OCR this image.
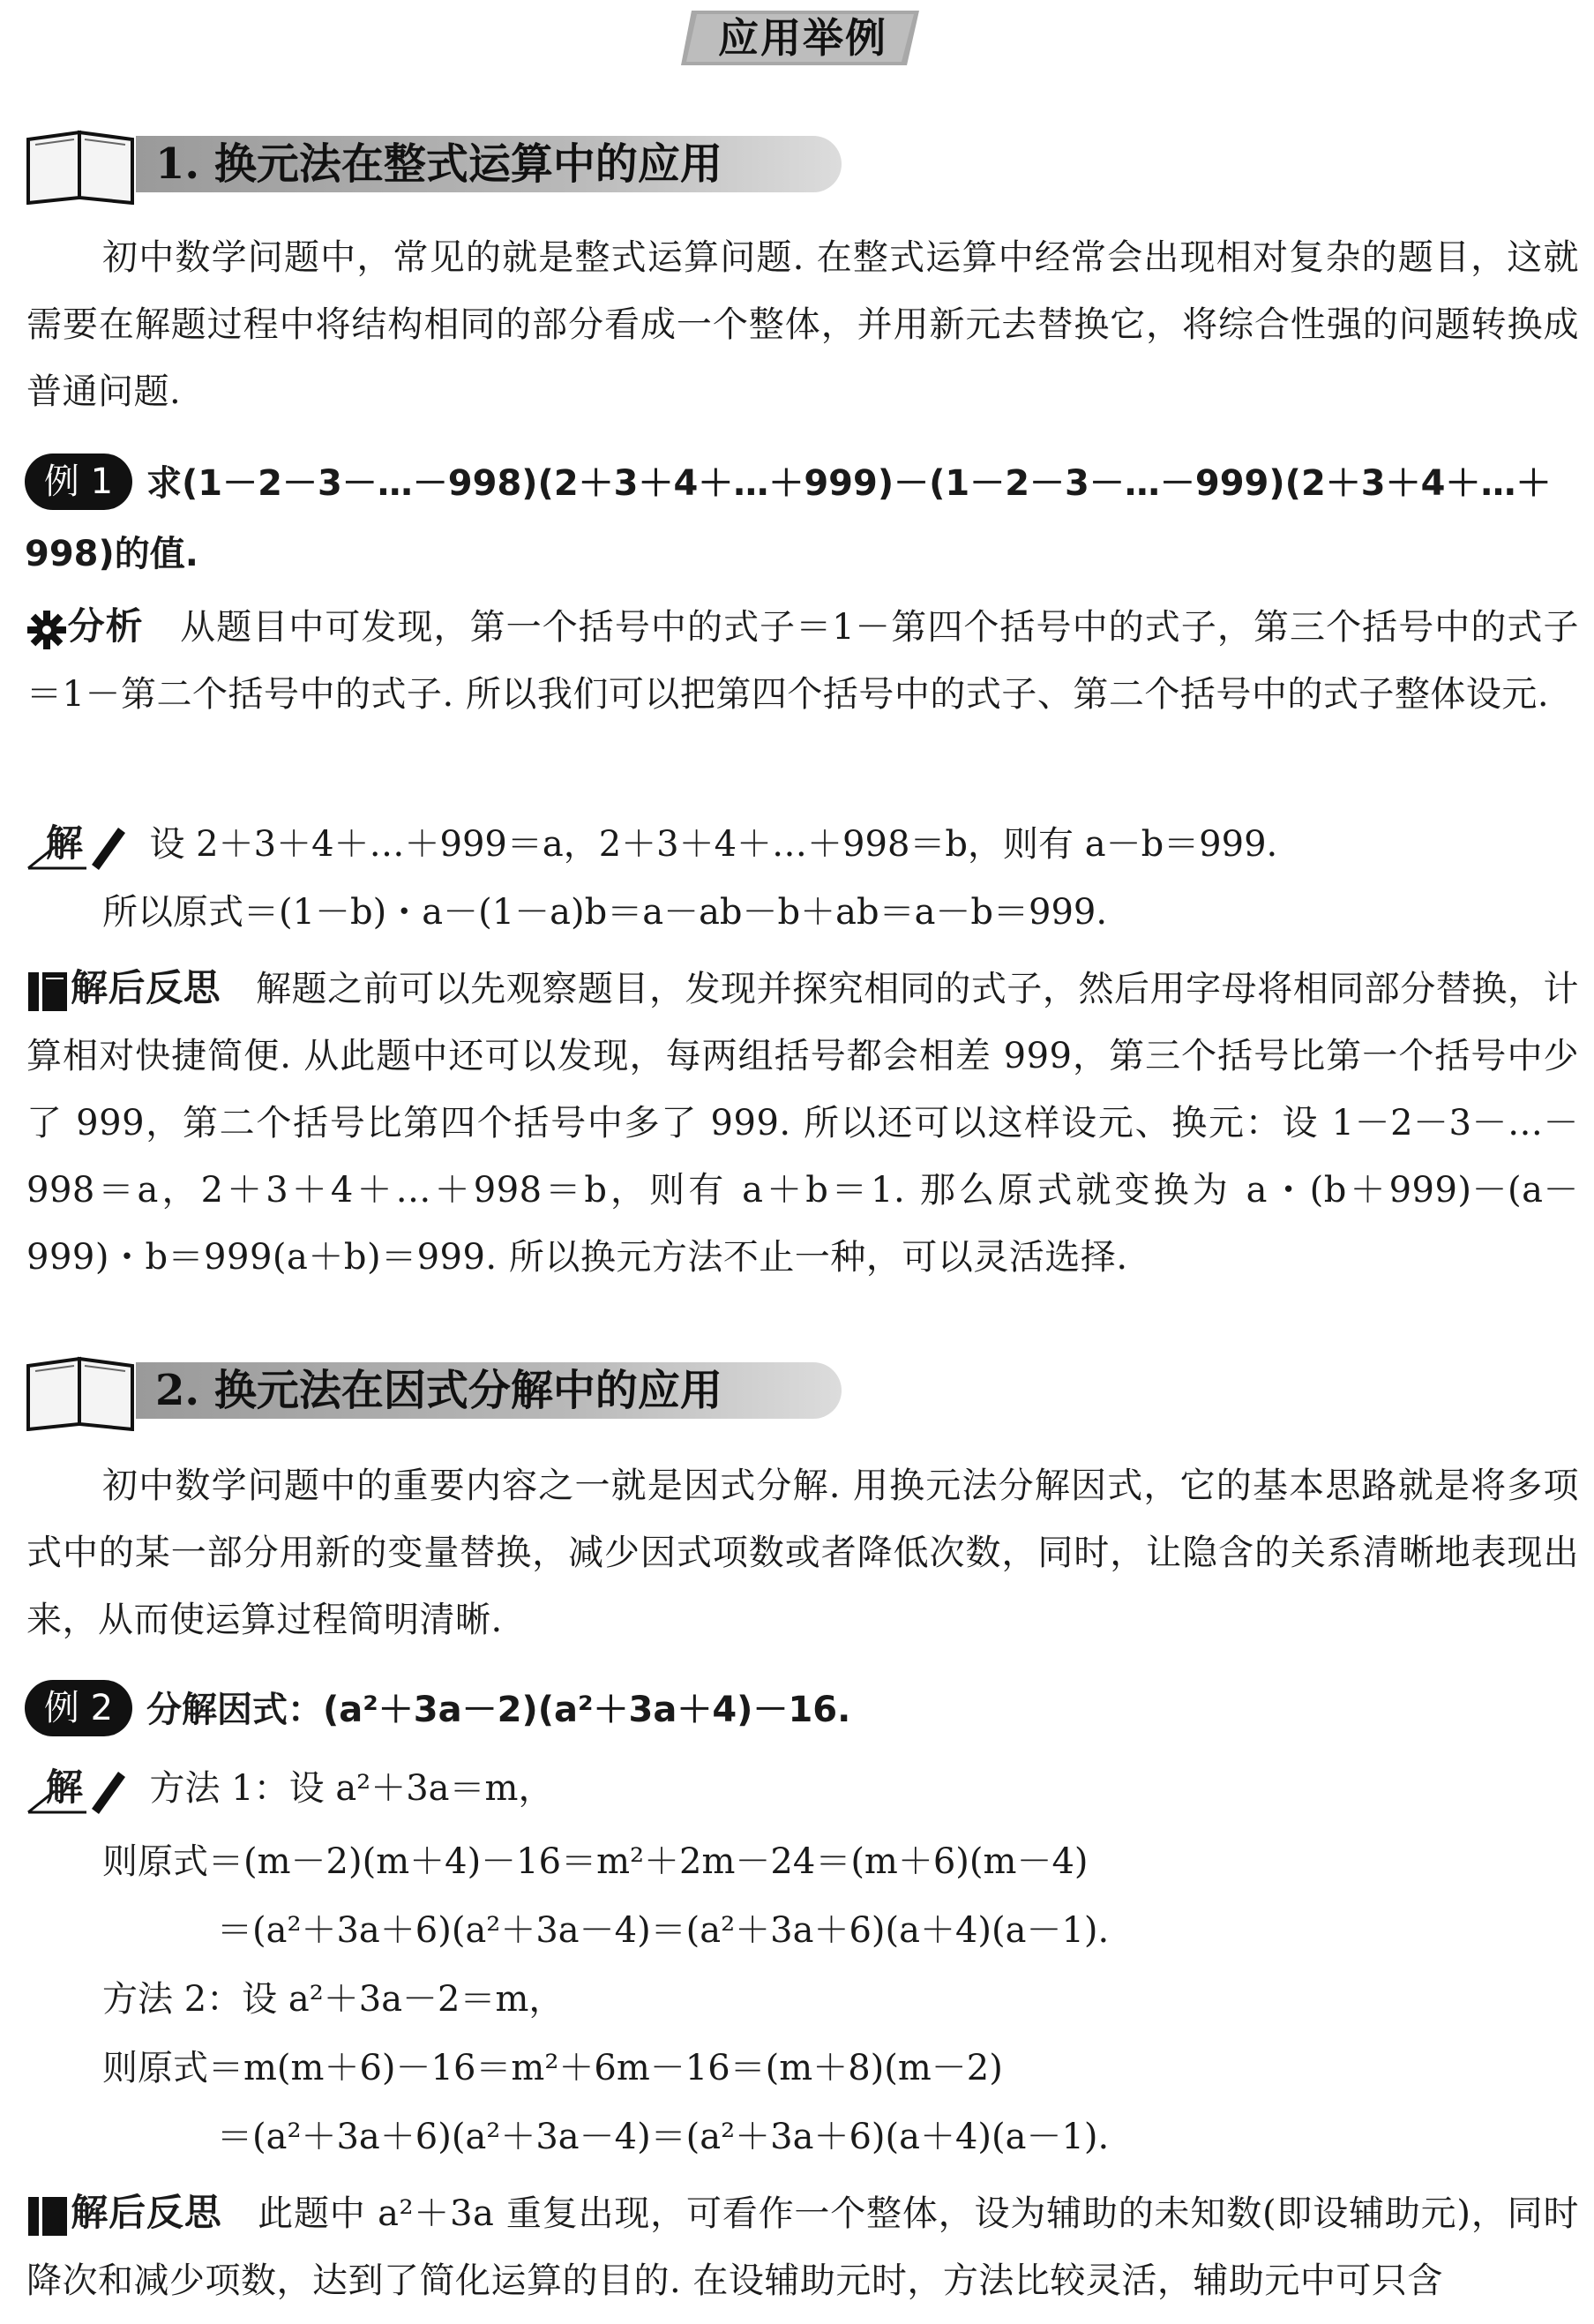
应用举例
1. 换元法在整式运算中的应用
初中数学问题中，常见的就是整式运算问题. 在整式运算中经常会出现相对复杂的题目，这就需要在解题过程中将结构相同的部分看成一个整体，并用新元去替换它，将综合性强的问题转换成普通问题.
例 1 求(1－2－3－…－998)(2＋3＋4＋…＋999)－(1－2－3－…－999)(2＋3＋4＋…＋
998)的值.
分析 从题目中可发现，第一个括号中的式子＝1－第四个括号中的式子，第三个括号中的式子＝1－第二个括号中的式子. 所以我们可以把第四个括号中的式子、第二个括号中的式子整体设元.
解 设 2＋3＋4＋…＋999＝a，2＋3＋4＋…＋998＝b，则有 a－b＝999.
所以原式＝(1－b)・a－(1－a)b＝a－ab－b＋ab＝a－b＝999.
解后反思 解题之前可以先观察题目，发现并探究相同的式子，然后用字母将相同部分替换，计算相对快捷简便. 从此题中还可以发现，每两组括号都会相差 999，第三个括号比第一个括号中少了 999，第二个括号比第四个括号中多了 999. 所以还可以这样设元、换元：设 1－2－3－…－998＝a，2＋3＋4＋…＋998＝b，则有 a＋b＝1. 那么原式就变换为 a・(b＋999)－(a－999)・b＝999(a＋b)＝999. 所以换元方法不止一种，可以灵活选择.
2. 换元法在因式分解中的应用
初中数学问题中的重要内容之一就是因式分解. 用换元法分解因式，它的基本思路就是将多项式中的某一部分用新的变量替换，减少因式项数或者降低次数，同时，让隐含的关系清晰地表现出来，从而使运算过程简明清晰.
例 2 分解因式：(a²＋3a－2)(a²＋3a＋4)－16.
解 方法 1：设 a²＋3a＝m，
则原式＝(m－2)(m＋4)－16＝m²＋2m－24＝(m＋6)(m－4)
＝(a²＋3a＋6)(a²＋3a－4)＝(a²＋3a＋6)(a＋4)(a－1).
方法 2：设 a²＋3a－2＝m，
则原式＝m(m＋6)－16＝m²＋6m－16＝(m＋8)(m－2)
＝(a²＋3a＋6)(a²＋3a－4)＝(a²＋3a＋6)(a＋4)(a－1).
解后反思 此题中 a²＋3a 重复出现，可看作一个整体，设为辅助的未知数(即设辅助元)，同时降次和减少项数，达到了简化运算的目的. 在设辅助元时，方法比较灵活，辅助元中可只含
